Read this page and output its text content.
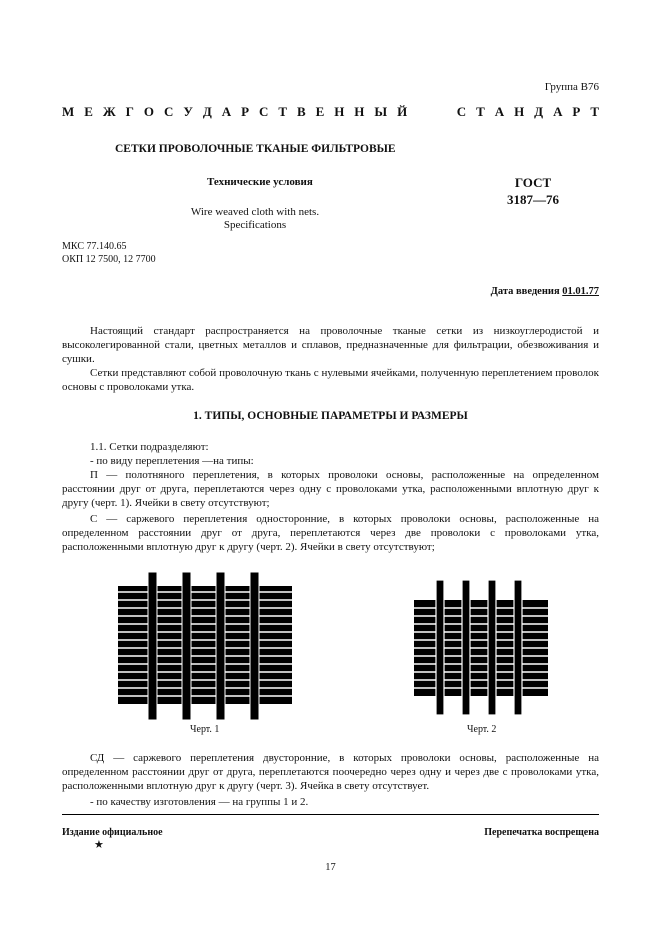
Группа В76
М Е Ж Г О С У Д А Р С Т В Е Н Н Ы Й

	С Т А Н Д А Р Т
СЕТКИ ПРОВОЛОЧНЫЕ ТКАНЫЕ ФИЛЬТРОВЫЕ
Технические условия
Wire weaved cloth with nets.
Specifications
ГОСТ
3187—76
МКС 77.140.65
ОКП 12 7500, 12 7700
Дата введения 01.01.77
Настоящий стандарт распространяется на проволочные тканые сетки из низкоуглеродистой и высоколегированной стали, цветных металлов и сплавов, предназначенные для фильтрации, обезвоживания и сушки.
Сетки представляют собой проволочную ткань с нулевыми ячейками, полученную переплетением проволок основы с проволоками утка.
1. ТИПЫ, ОСНОВНЫЕ ПАРАМЕТРЫ И РАЗМЕРЫ
1.1. Сетки подразделяют:
- по виду переплетения —на типы:
П — полотняного переплетения, в которых проволоки основы, расположенные на определенном расстоянии друг от друга, переплетаются через одну с проволоками утка, расположенными вплотную друг к другу (черт. 1). Ячейки в свету отсутствуют;
С — саржевого переплетения односторонние, в которых проволоки основы, расположенные на определенном расстоянии друг от друга, переплетаются через две проволоки с проволоками утка, расположенными вплотную друг к другу (черт. 2). Ячейки в свету отсутствуют;
Черт. 1	Черт. 2
СД — саржевого переплетения двусторонние, в которых проволоки основы, расположенные на определенном расстоянии друг от друга, переплетаются поочередно через одну и через две с проволоками утка, расположенными вплотную друг к другу (черт. 3). Ячейка в свету отсутствует.
- по качеству изготовления — на группы 1 и 2.
Издание официальное	Перепечатка воспрещена
★
17
